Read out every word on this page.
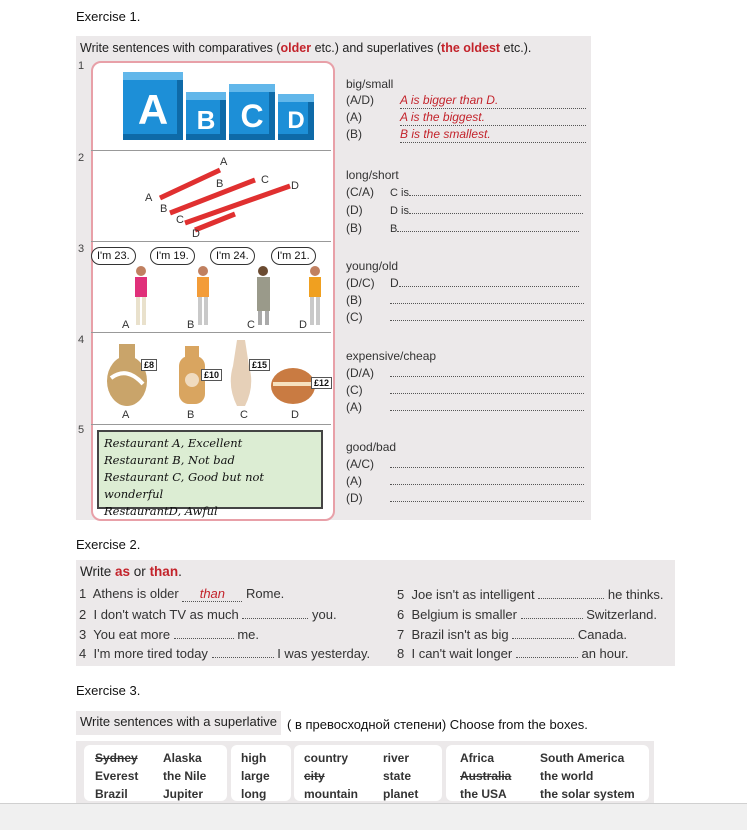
Exercise 1.
Write sentences with comparatives (older etc.) and superlatives (the oldest etc.).
1
2
3
4
5
A	B C D
A
A
B
B
C
C
D
D
I'm 23.	I'm 19.	I'm 24.	I'm 21.
A	B	C	D
£8
£10
£15
£12
A	B	C	D
Restaurant A, Excellent
Restaurant B, Not bad
Restaurant C, Good but not wonderful
RestaurantD, Awful
big/small
(A/D) A is bigger than D.
(A)	A is the biggest.
(B)	B is the smallest.
long/short
(C/A) C is
(D) D is
(B)	B
young/old
(D/C) D
(B)
(C)
expensive/cheap
(D/A)
(C)
(A)
good/bad
(A/C)
(A)
(D)
Exercise 2.
Write as or than.
1 Athens is older than Rome.
2 I don't watch TV as much	you.
3 You eat more	me.
4 I'm more tired today	I was yesterday.
5 Joe isn't as intelligent	he thinks.
6 Belgium is smaller	Switzerland.
7 Brazil isn't as big	Canada.
8 I can't wait longer	an hour.
Exercise 3.
Write sentences with a superlative ( в превосходной степени) Choose from the boxes.
Sydney Alaska
Everest the Nile
Brazil	Jupiter
high
large
long
country	river
city	state
mountain planet
Africa	South America
Australia the world
the USA	the solar system
